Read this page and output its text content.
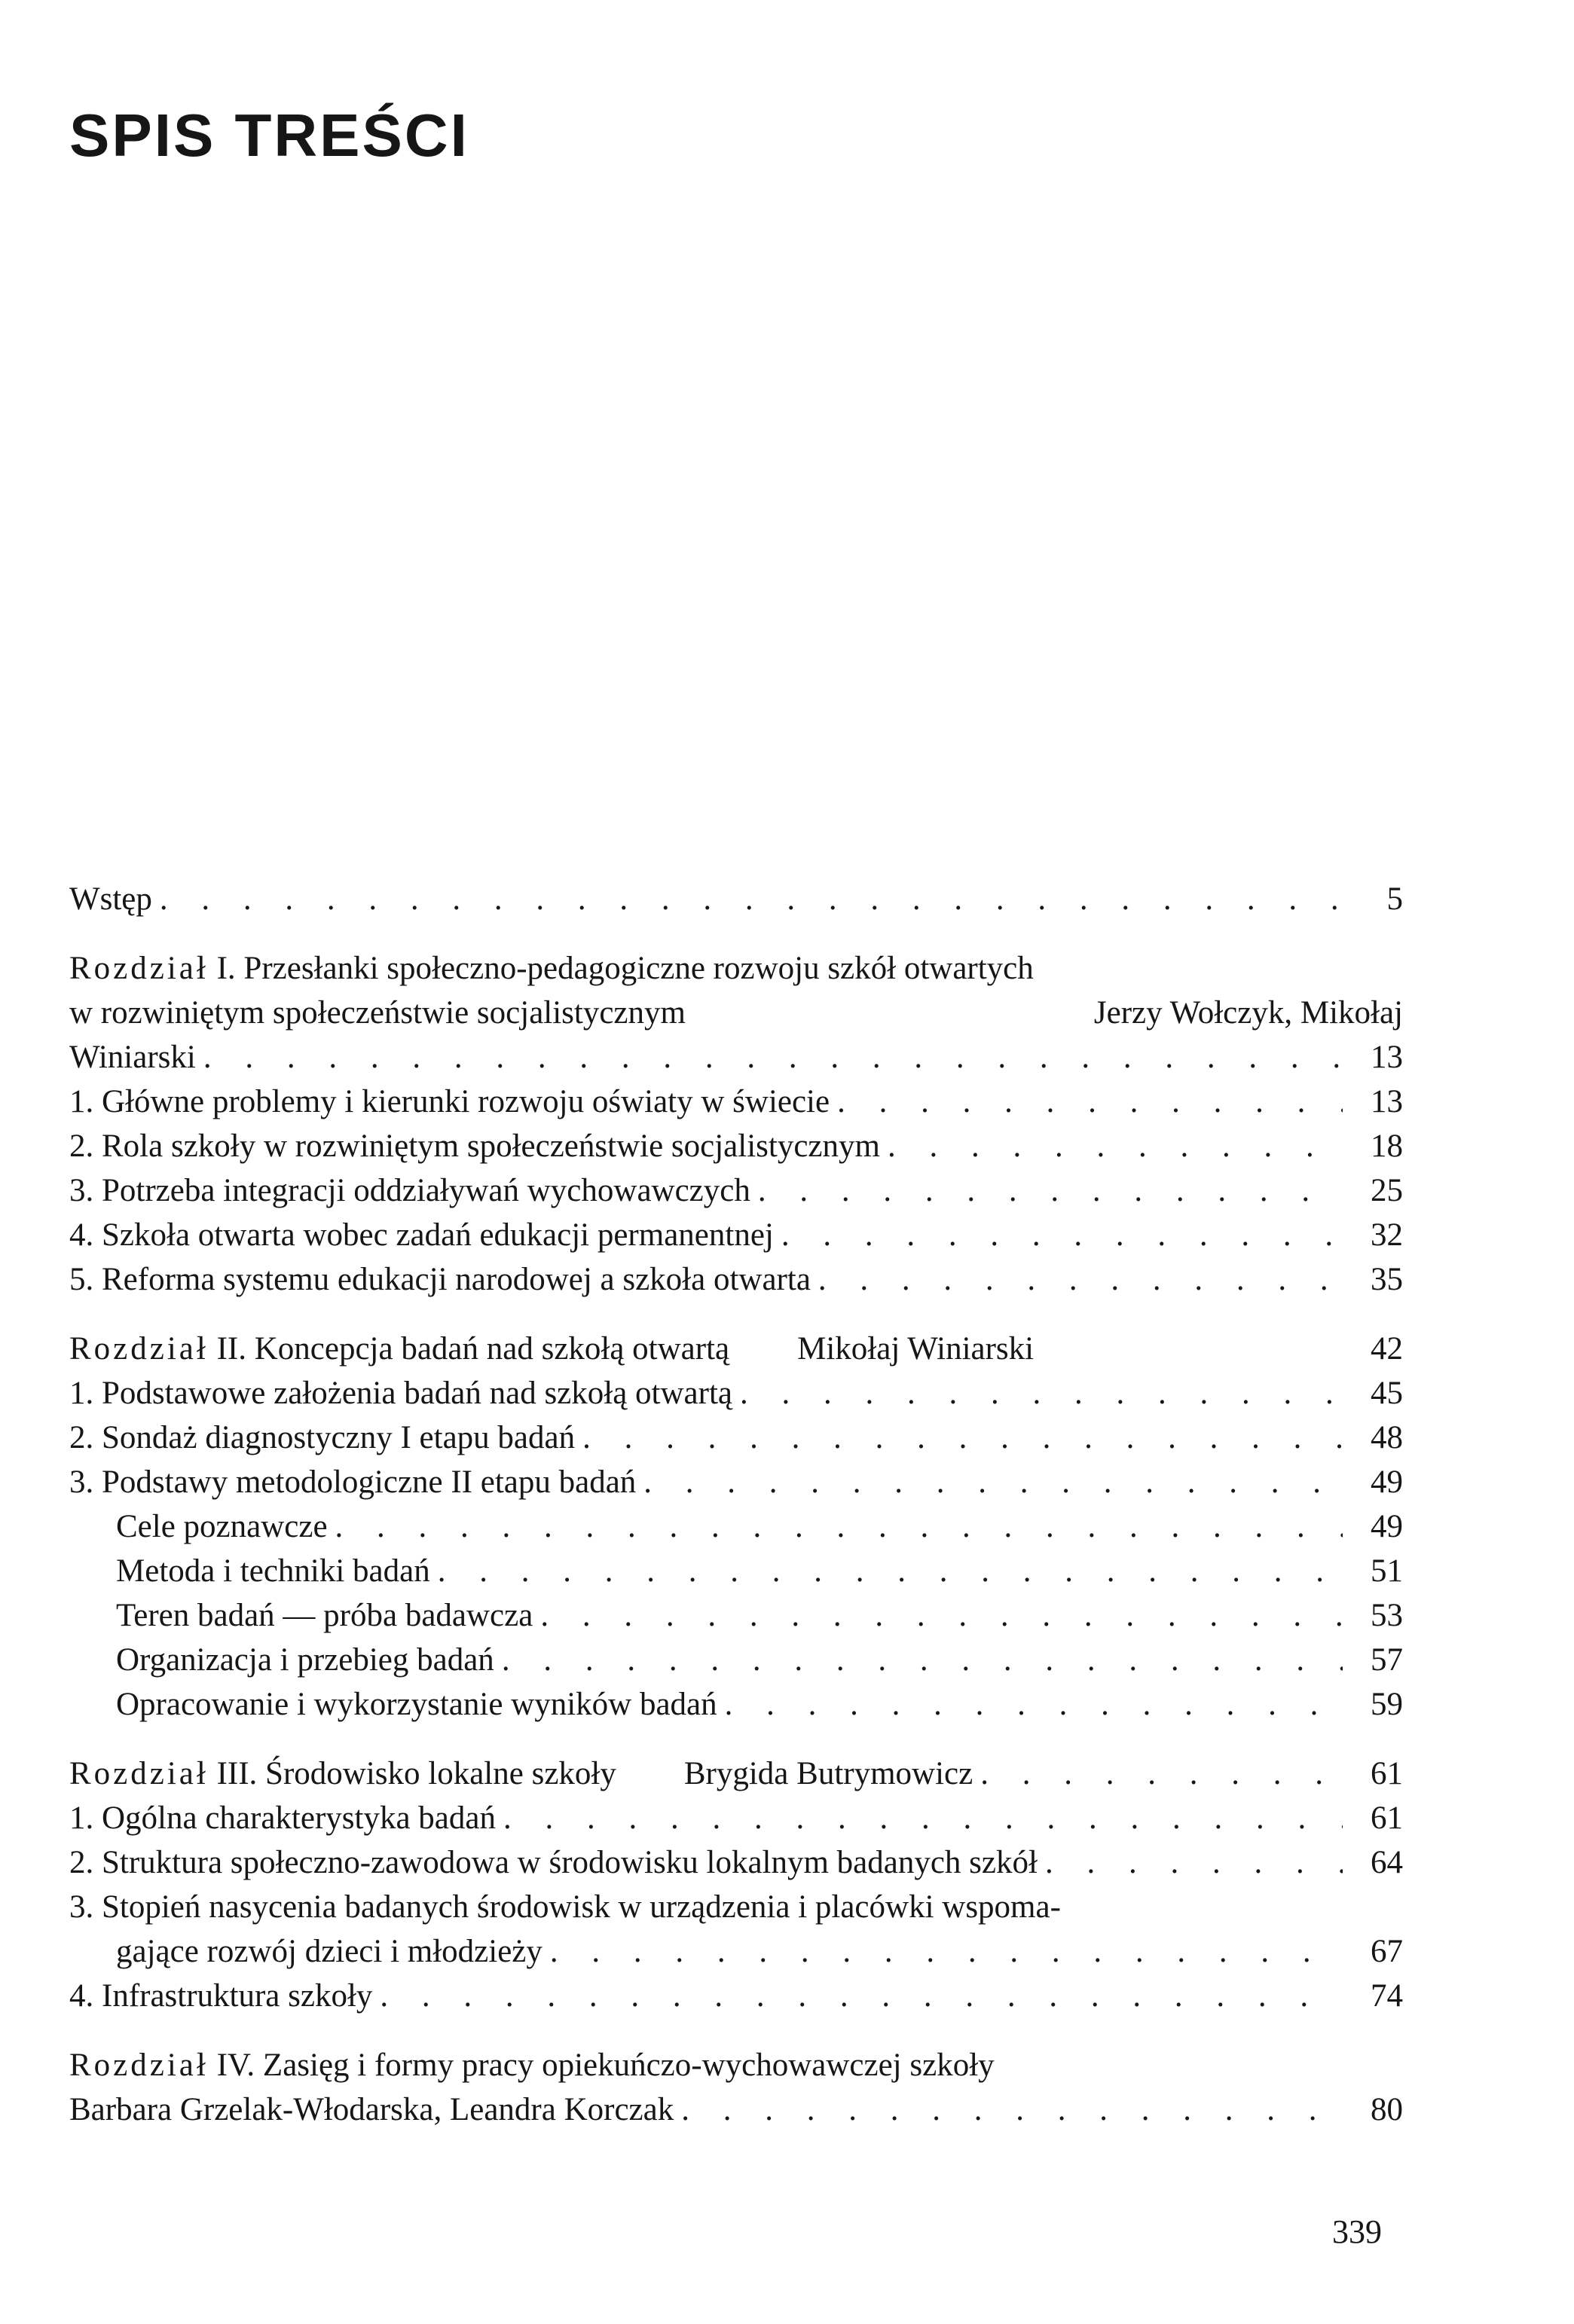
SPIS TREŚCI
Wstęp . . .	5
Rozdział I. Przesłanki społeczno-pedagogiczne rozwoju szkół otwartych
w rozwiniętym społeczeństwie socjalistycznym	Jerzy Wołczyk, Mikołaj
Winiarski . . .	13
1. Główne problemy i kierunki rozwoju oświaty w świecie . . .	13
2. Rola szkoły w rozwiniętym społeczeństwie socjalistycznym . . .	18
3. Potrzeba integracji oddziaływań wychowawczych . . .	25
4. Szkoła otwarta wobec zadań edukacji permanentnej . . .	32
5. Reforma systemu edukacji narodowej a szkoła otwarta . . .	35
Rozdział II. Koncepcja badań nad szkołą otwartą Mikołaj Winiarski	42
1. Podstawowe założenia badań nad szkołą otwartą . . .	45
2. Sondaż diagnostyczny I etapu badań . . .	48
3. Podstawy metodologiczne II etapu badań . . .	49
Cele poznawcze . . .	49
Metoda i techniki badań . . .	51
Teren badań — próba badawcza . . .	53
Organizacja i przebieg badań . . .	57
Opracowanie i wykorzystanie wyników badań . . .	59
Rozdział III. Środowisko lokalne szkoły Brygida Butrymowicz . . .	61
1. Ogólna charakterystyka badań . . .	61
2. Struktura społeczno-zawodowa w środowisku lokalnym badanych szkół . . .	64
3. Stopień nasycenia badanych środowisk w urządzenia i placówki wspoma-
gające rozwój dzieci i młodzieży . . .	67
4. Infrastruktura szkoły . . .	74
Rozdział IV. Zasięg i formy pracy opiekuńczo-wychowawczej szkoły
Barbara Grzelak-Włodarska, Leandra Korczak . . .	80
339
